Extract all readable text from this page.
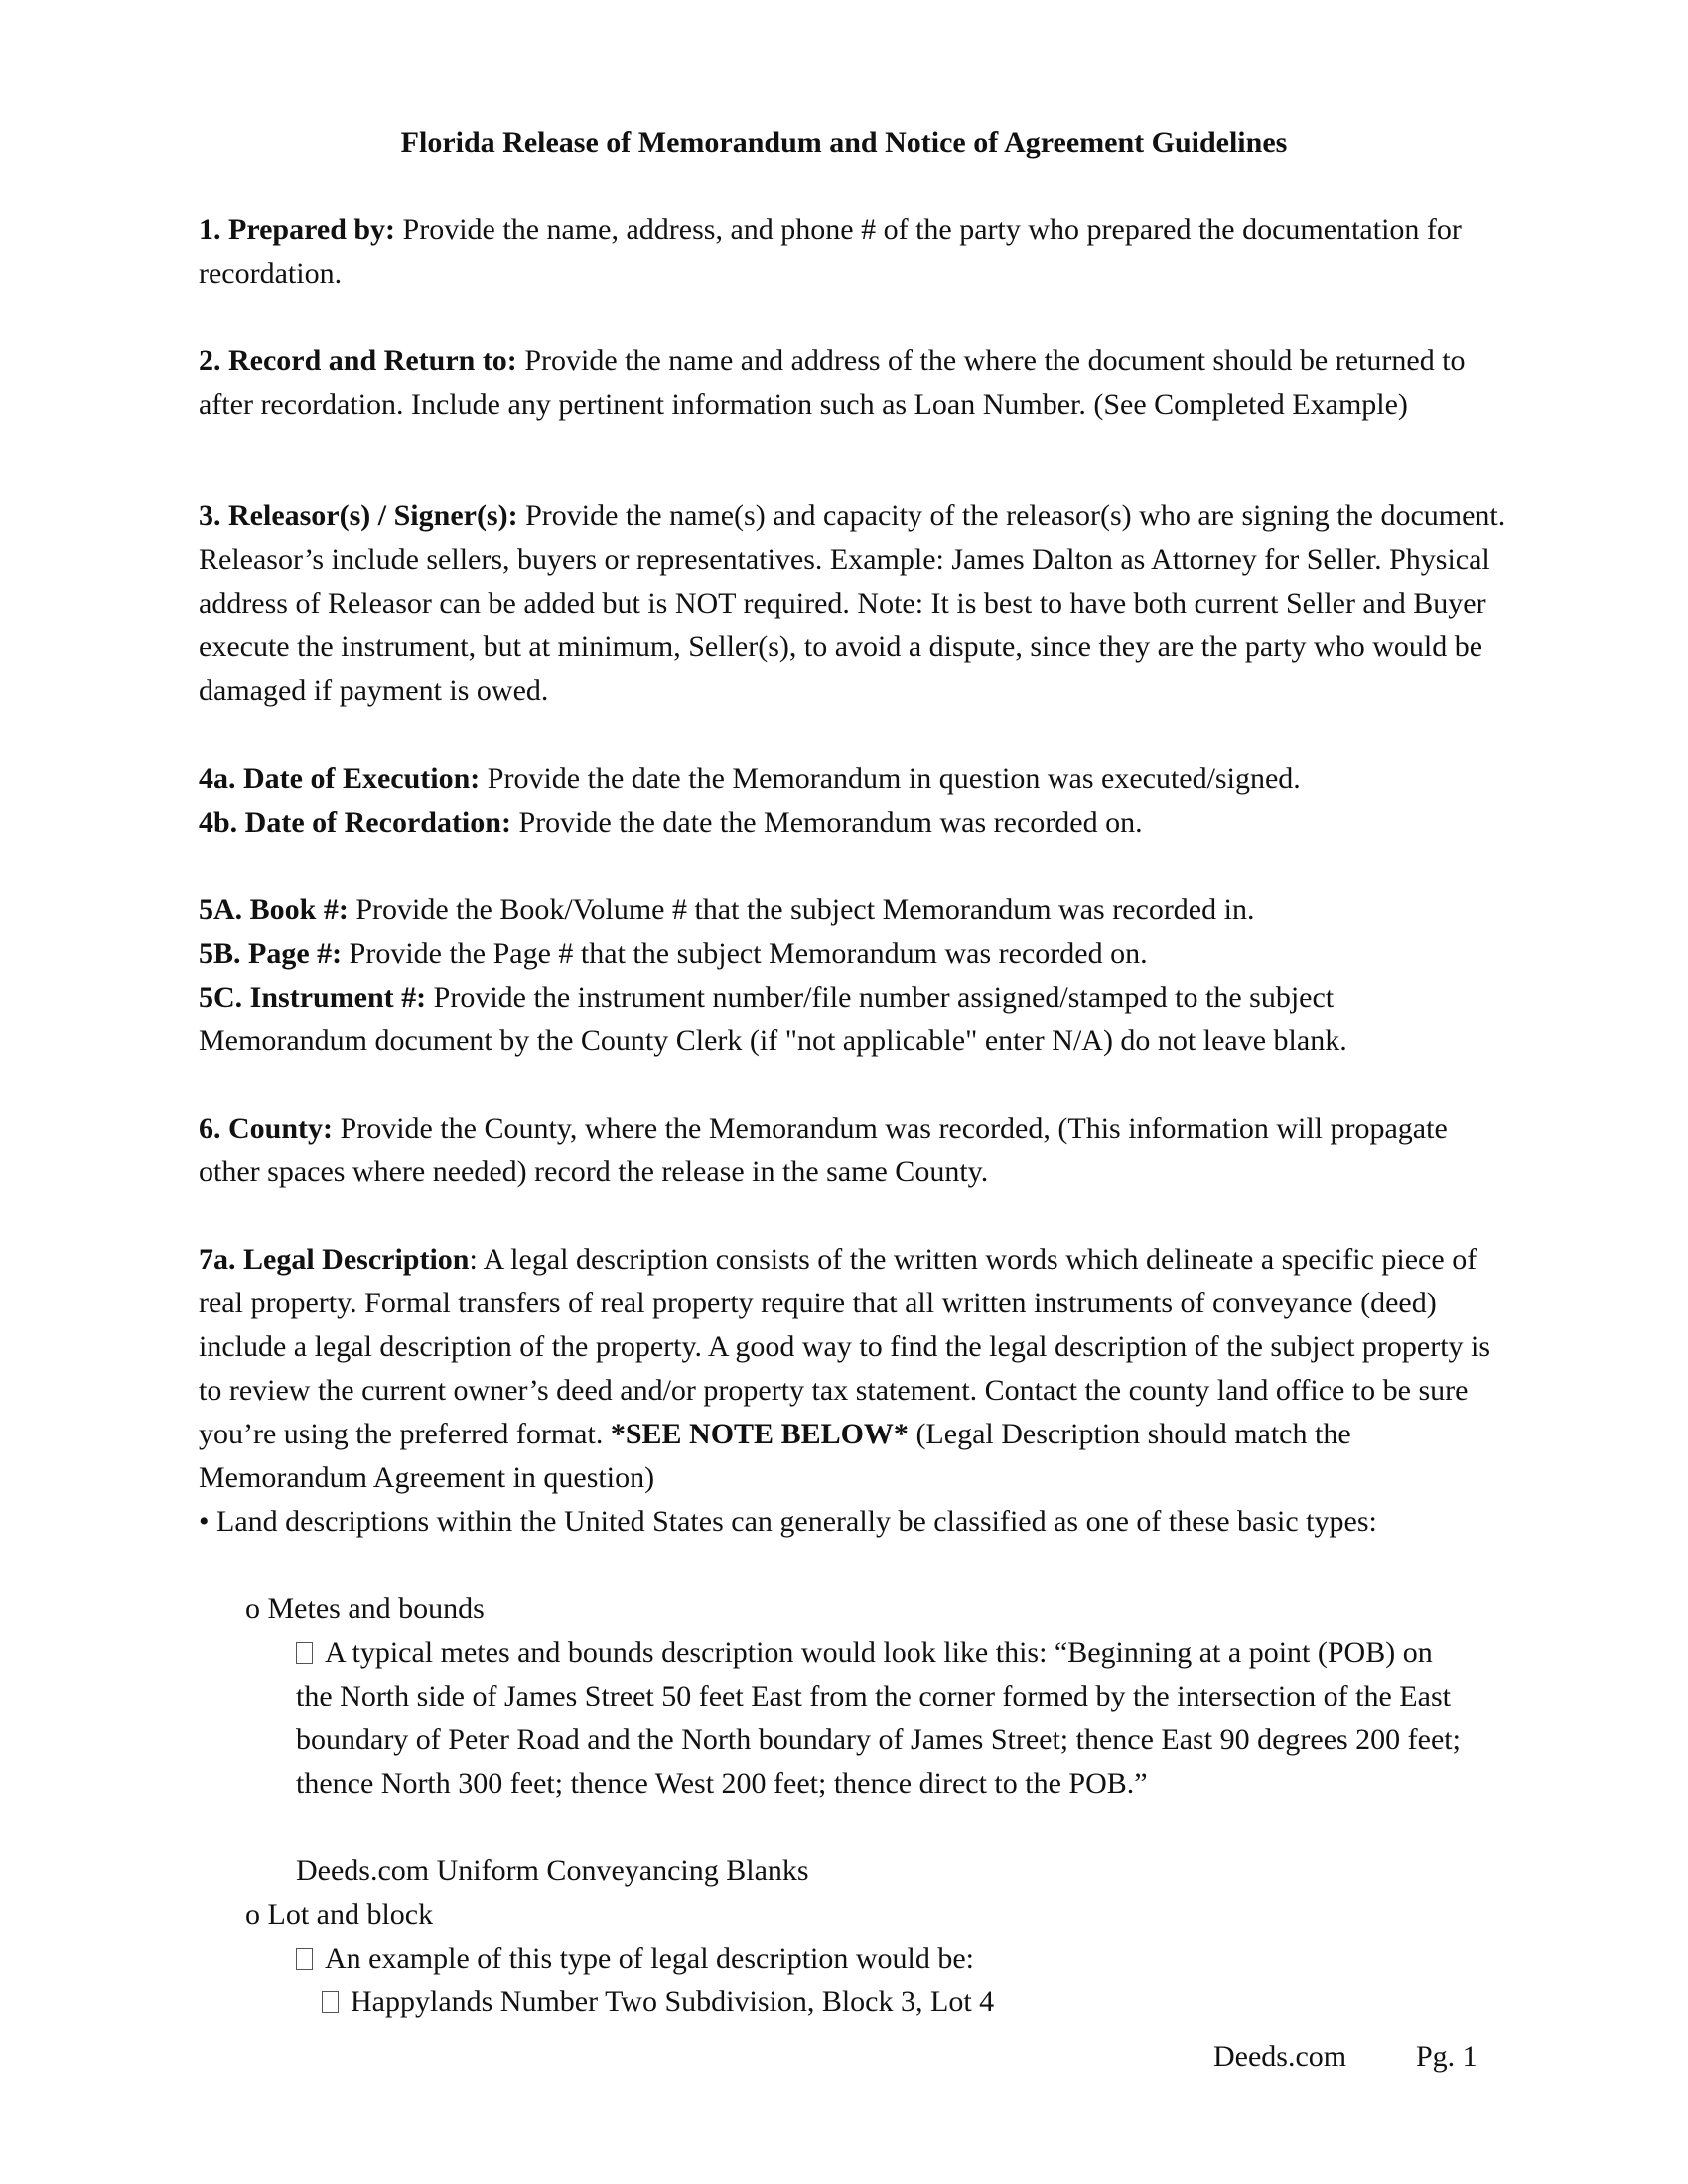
Florida Release of Memorandum and Notice of Agreement Guidelines

1. Prepared by: Provide the name, address, and phone # of the party who prepared the documentation for recordation.

2. Record and Return to: Provide the name and address of the where the document should be returned to after recordation. Include any pertinent information such as Loan Number. (See Completed Example)

3. Releasor(s) / Signer(s): Provide the name(s) and capacity of the releasor(s) who are signing the document. Releasor’s include sellers, buyers or representatives. Example: James Dalton as Attorney for Seller. Physical address of Releasor can be added but is NOT required. Note: It is best to have both current Seller and Buyer execute the instrument, but at minimum, Seller(s), to avoid a dispute, since they are the party who would be damaged if payment is owed.

4a. Date of Execution: Provide the date the Memorandum in question was executed/signed.

4b. Date of Recordation: Provide the date the Memorandum was recorded on.

5A. Book #: Provide the Book/Volume # that the subject Memorandum was recorded in.

5B. Page #: Provide the Page # that the subject Memorandum was recorded on.

5C. Instrument #: Provide the instrument number/file number assigned/stamped to the subject Memorandum document by the County Clerk (if "not applicable" enter N/A) do not leave blank.

6. County: Provide the County, where the Memorandum was recorded, (This information will propagate other spaces where needed) record the release in the same County.

7a. Legal Description: A legal description consists of the written words which delineate a specific piece of real property. Formal transfers of real property require that all written instruments of conveyance (deed) include a legal description of the property. A good way to find the legal description of the subject property is to review the current owner’s deed and/or property tax statement. Contact the county land office to be sure you’re using the preferred format. *SEE NOTE BELOW* (Legal Description should match the Memorandum Agreement in question)

• Land descriptions within the United States can generally be classified as one of these basic types:

o Metes and bounds

A typical metes and bounds description would look like this: “Beginning at a point (POB) on the North side of James Street 50 feet East from the corner formed by the intersection of the East boundary of Peter Road and the North boundary of James Street; thence East 90 degrees 200 feet; thence North 300 feet; thence West 200 feet; thence direct to the POB.”

Deeds.com Uniform Conveyancing Blanks

o Lot and block

An example of this type of legal description would be:

Happylands Number Two Subdivision, Block 3, Lot 4

Deeds.com Pg. 1
